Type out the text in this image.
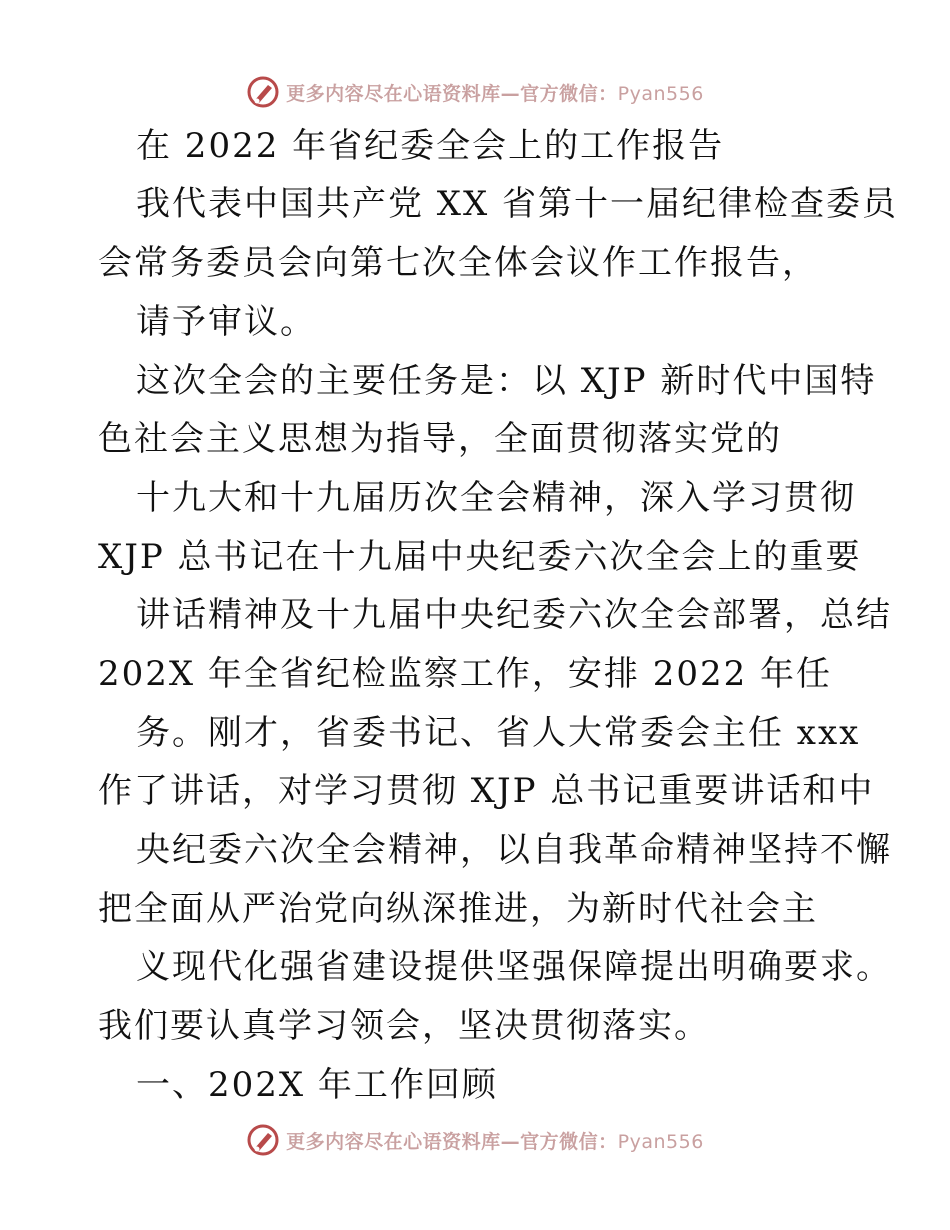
更多内容尽在心语资料库—官方微信：Pyan556
在 2022 年省纪委全会上的工作报告
我代表中国共产党 XX 省第十一届纪律检查委员
会常务委员会向第七次全体会议作工作报告，
请予审议。
这次全会的主要任务是：以 XJP 新时代中国特
色社会主义思想为指导，全面贯彻落实党的
十九大和十九届历次全会精神，深入学习贯彻
XJP 总书记在十九届中央纪委六次全会上的重要
讲话精神及十九届中央纪委六次全会部署，总结
202X 年全省纪检监察工作，安排 2022 年任
务。刚才，省委书记、省人大常委会主任 xxx
作了讲话，对学习贯彻 XJP 总书记重要讲话和中
央纪委六次全会精神，以自我革命精神坚持不懈
把全面从严治党向纵深推进，为新时代社会主
义现代化强省建设提供坚强保障提出明确要求。
我们要认真学习领会，坚决贯彻落实。
一、202X 年工作回顾
更多内容尽在心语资料库—官方微信：Pyan556
